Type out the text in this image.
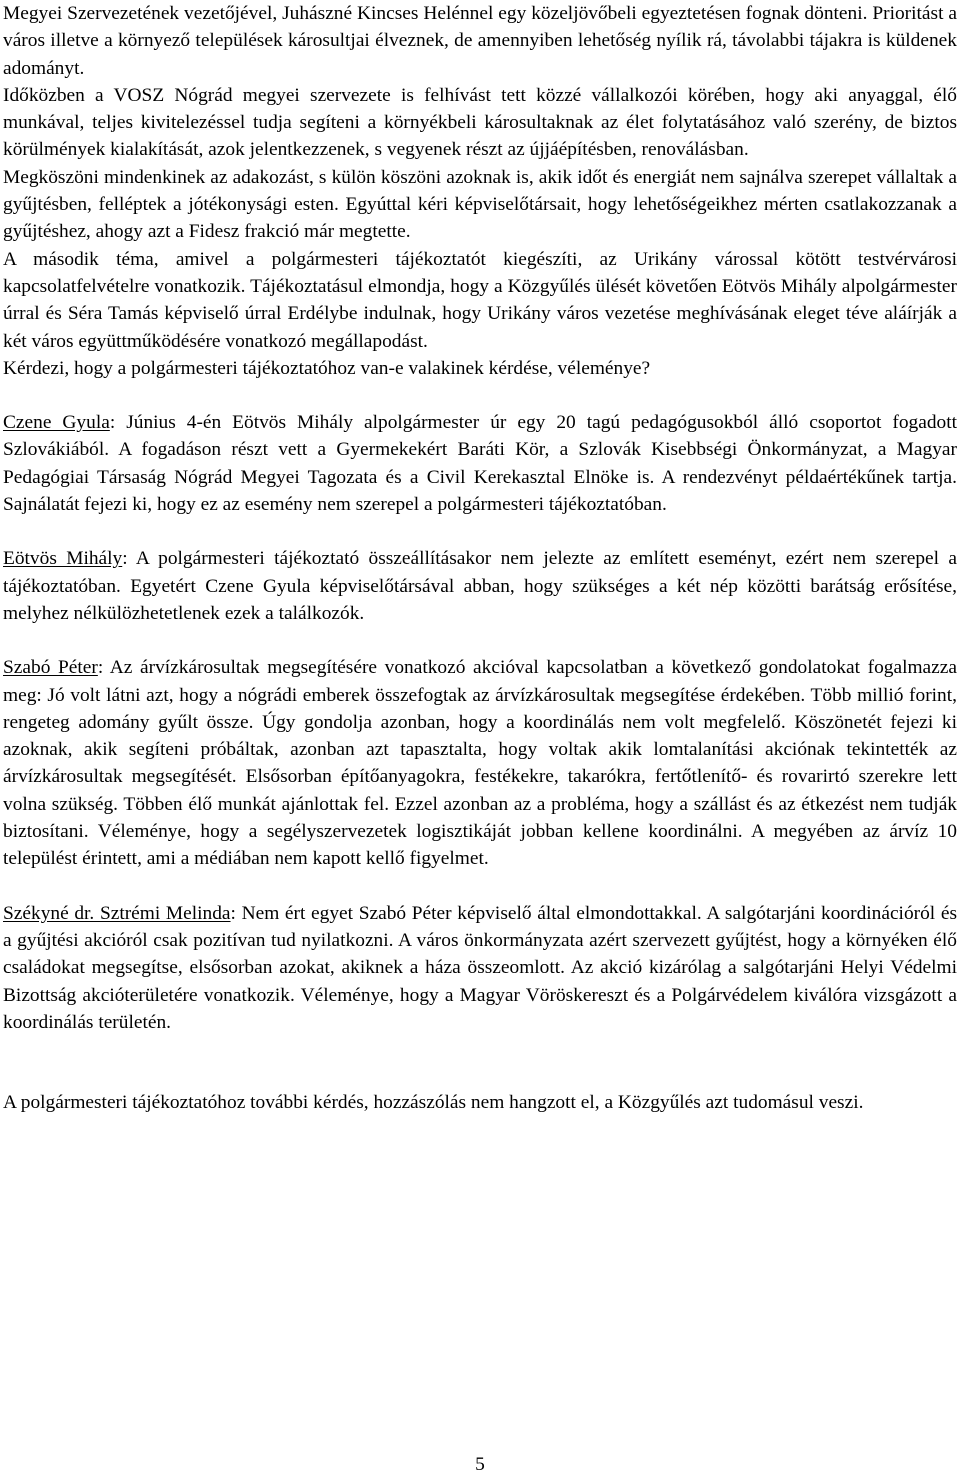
Megyei Szervezetének vezetőjével, Juhászné Kincses Helénnel egy közeljövőbeli egyeztetésen fognak dönteni. Prioritást a város illetve a környező települések károsultjai élveznek, de amennyiben lehetőség nyílik rá, távolabbi tájakra is küldenek adományt.

Időközben a VOSZ Nógrád megyei szervezete is felhívást tett közzé vállalkozói körében, hogy aki anyaggal, élő munkával, teljes kivitelezéssel tudja segíteni a környékbeli károsultaknak az élet folytatásához való szerény, de biztos körülmények kialakítását, azok jelentkezzenek, s vegyenek részt az újjáépítésben, renoválásban.

Megköszöni mindenkinek az adakozást, s külön köszöni azoknak is, akik időt és energiát nem sajnálva szerepet vállaltak a gyűjtésben, felléptek a jótékonysági esten. Egyúttal kéri képviselőtársait, hogy lehetőségeikhez mérten csatlakozzanak a gyűjtéshez, ahogy azt a Fidesz frakció már megtette.

A második téma, amivel a polgármesteri tájékoztatót kiegészíti, az Urikány várossal kötött testvérvárosi kapcsolatfelvételre vonatkozik. Tájékoztatásul elmondja, hogy a Közgyűlés ülését követően Eötvös Mihály alpolgármester úrral és Séra Tamás képviselő úrral Erdélybe indulnak, hogy Urikány város vezetése meghívásának eleget téve aláírják a két város együttműködésére vonatkozó megállapodást.

Kérdezi, hogy a polgármesteri tájékoztatóhoz van-e valakinek kérdése, véleménye?

Czene Gyula: Június 4-én Eötvös Mihály alpolgármester úr egy 20 tagú pedagógusokból álló csoportot fogadott Szlovákiából. A fogadáson részt vett a Gyermekekért Baráti Kör, a Szlovák Kisebbségi Önkormányzat, a Magyar Pedagógiai Társaság Nógrád Megyei Tagozata és a Civil Kerekasztal Elnöke is. A rendezvényt példaértékűnek tartja. Sajnálatát fejezi ki, hogy ez az esemény nem szerepel a polgármesteri tájékoztatóban.

Eötvös Mihály: A polgármesteri tájékoztató összeállításakor nem jelezte az említett eseményt, ezért nem szerepel a tájékoztatóban. Egyetért Czene Gyula képviselőtársával abban, hogy szükséges a két nép közötti barátság erősítése, melyhez nélkülözhetetlenek ezek a találkozók.

Szabó Péter: Az árvízkárosultak megsegítésére vonatkozó akcióval kapcsolatban a következő gondolatokat fogalmazza meg: Jó volt látni azt, hogy a nógrádi emberek összefogtak az árvízkárosultak megsegítése érdekében. Több millió forint, rengeteg adomány gyűlt össze. Úgy gondolja azonban, hogy a koordinálás nem volt megfelelő. Köszönetét fejezi ki azoknak, akik segíteni próbáltak, azonban azt tapasztalta, hogy voltak akik lomtalanítási akciónak tekintették az árvízkárosultak megsegítését. Elsősorban építőanyagokra, festékekre, takarókra, fertőtlenítő- és rovarirtó szerekre lett volna szükség. Többen élő munkát ajánlottak fel. Ezzel azonban az a probléma, hogy a szállást és az étkezést nem tudják biztosítani. Véleménye, hogy a segélyszervezetek logisztikáját jobban kellene koordinálni. A megyében az árvíz 10 települést érintett, ami a médiában nem kapott kellő figyelmet.

Székyné dr. Sztrémi Melinda: Nem ért egyet Szabó Péter képviselő által elmondottakkal. A salgótarjáni koordinációról és a gyűjtési akcióról csak pozitívan tud nyilatkozni. A város önkormányzata azért szervezett gyűjtést, hogy a környéken élő családokat megsegítse, elsősorban azokat, akiknek a háza összeomlott. Az akció kizárólag a salgótarjáni Helyi Védelmi Bizottság akcióterületére vonatkozik. Véleménye, hogy a Magyar Vöröskereszt és a Polgárvédelem kiválóra vizsgázott a koordinálás területén.

A polgármesteri tájékoztatóhoz további kérdés, hozzászólás nem hangzott el, a Közgyűlés azt tudomásul veszi.

5
